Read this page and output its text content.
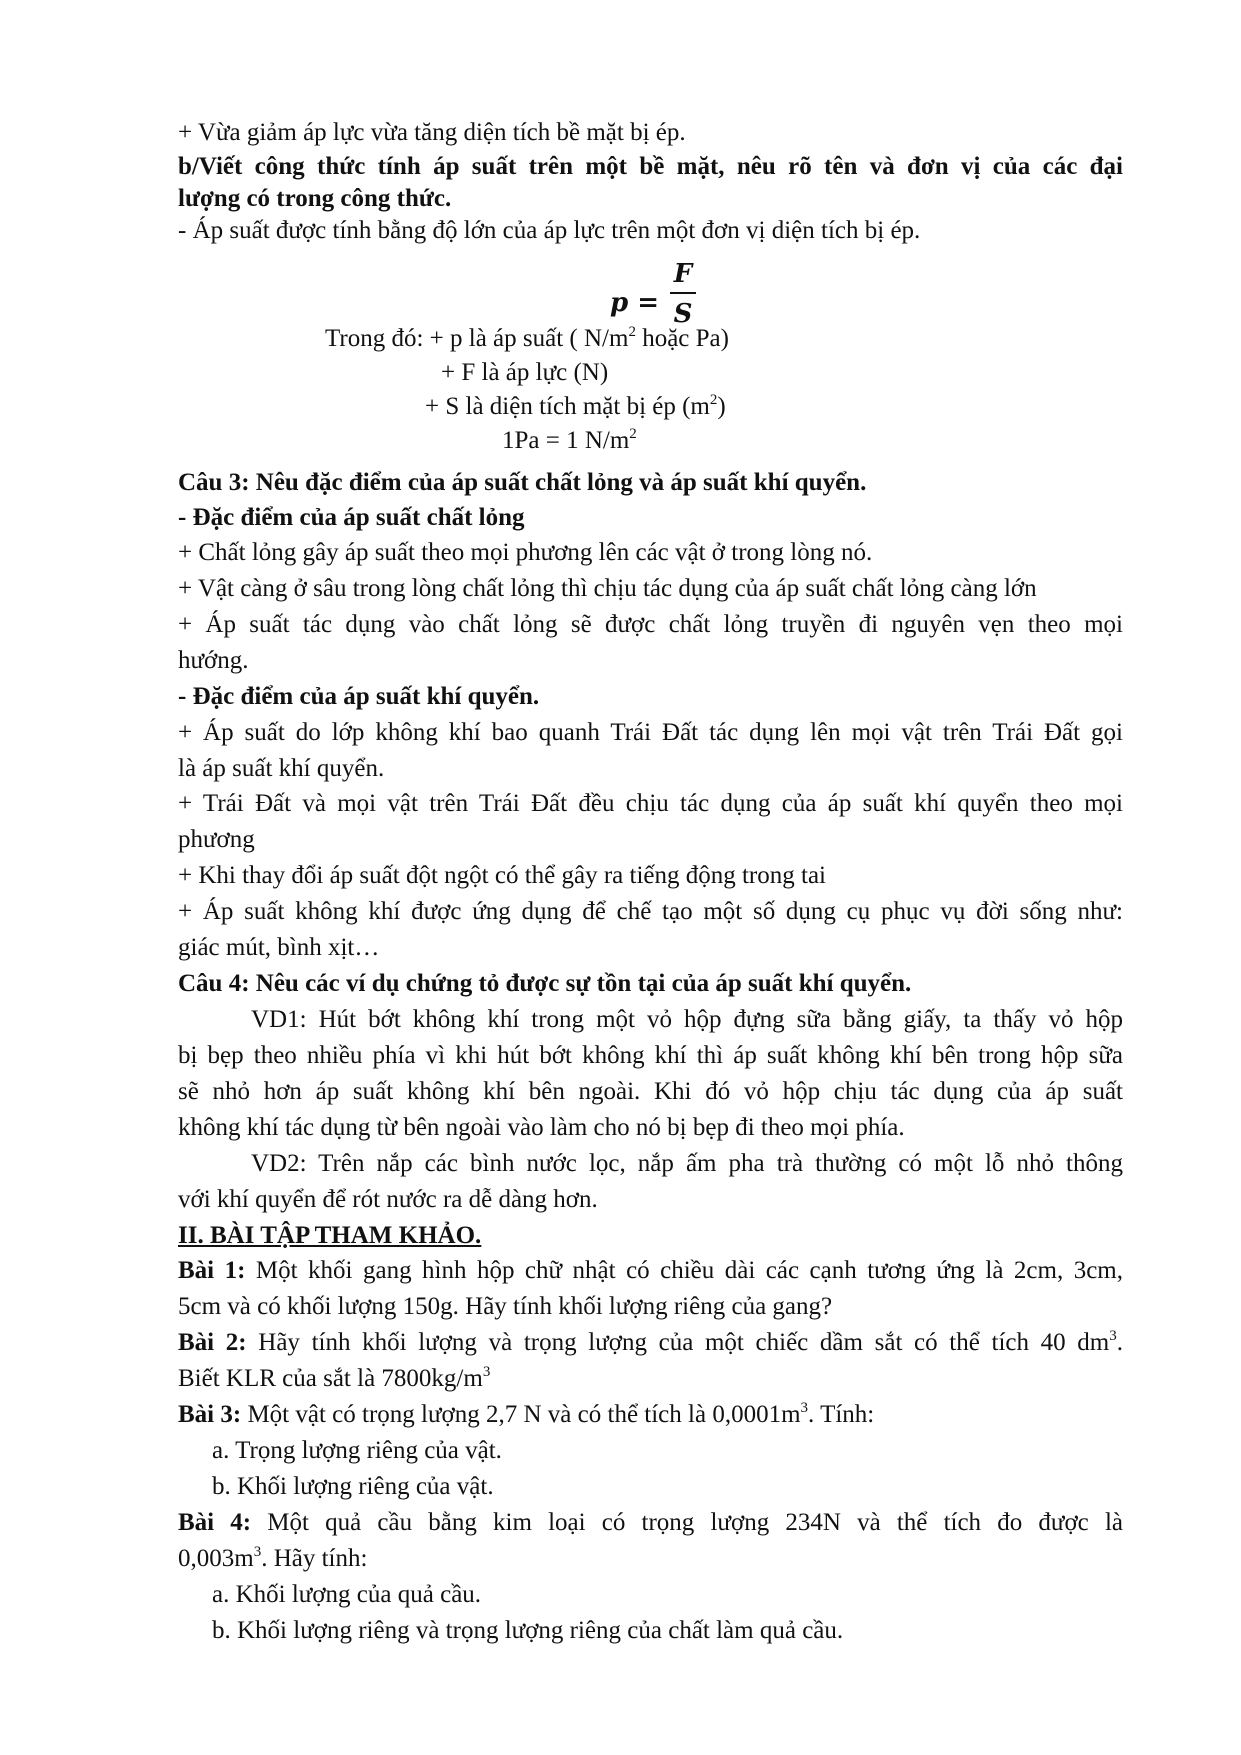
+ Vừa giảm áp lực vừa tăng diện tích bề mặt bị ép.
b/Viết công thức tính áp suất trên một bề mặt, nêu rõ tên và đơn vị của các đại
lượng có trong công thức.
- Áp suất được tính bằng độ lớn của áp lực trên một đơn vị diện tích bị ép.
p =
F
S
Trong đó: + p là áp suất ( $N/m^2$ hoặc Pa)
+ F là áp lực (N)
+ S là diện tích mặt bị ép $(m^2)$
1Pa = 1 $N/m^2$
Câu 3: Nêu đặc điểm của áp suất chất lỏng và áp suất khí quyển.
- Đặc điểm của áp suất chất lỏng
+ Chất lỏng gây áp suất theo mọi phương lên các vật ở trong lòng nó.
+ Vật càng ở sâu trong lòng chất lỏng thì chịu tác dụng của áp suất chất lỏng càng lớn
+ Áp suất tác dụng vào chất lỏng sẽ được chất lỏng truyền đi nguyên vẹn theo mọi
hướng.
- Đặc điểm của áp suất khí quyển.
+ Áp suất do lớp không khí bao quanh Trái Đất tác dụng lên mọi vật trên Trái Đất gọi
là áp suất khí quyển.
+ Trái Đất và mọi vật trên Trái Đất đều chịu tác dụng của áp suất khí quyển theo mọi
phương
+ Khi thay đổi áp suất đột ngột có thể gây ra tiếng động trong tai
+ Áp suất không khí được ứng dụng để chế tạo một số dụng cụ phục vụ đời sống như:
giác mút, bình xịt…
Câu 4: Nêu các ví dụ chứng tỏ được sự tồn tại của áp suất khí quyển.
VD1: Hút bớt không khí trong một vỏ hộp đựng sữa bằng giấy, ta thấy vỏ hộp
bị bẹp theo nhiều phía vì khi hút bớt không khí thì áp suất không khí bên trong hộp sữa
sẽ nhỏ hơn áp suất không khí bên ngoài. Khi đó vỏ hộp chịu tác dụng của áp suất
không khí tác dụng từ bên ngoài vào làm cho nó bị bẹp đi theo mọi phía.
VD2: Trên nắp các bình nước lọc, nắp ấm pha trà thường có một lỗ nhỏ thông
với khí quyển để rót nước ra dễ dàng hơn.
II. BÀI TẬP THAM KHẢO.
Bài 1: Một khối gang hình hộp chữ nhật có chiều dài các cạnh tương ứng là 2cm, 3cm,
5cm và có khối lượng 150g. Hãy tính khối lượng riêng của gang?
Bài 2: Hãy tính khối lượng và trọng lượng của một chiếc dầm sắt có thể tích 40 $dm^3$.
Biết KLR của sắt là $7800kg/m^3$
Bài 3: Một vật có trọng lượng 2,7 N và có thể tích là $0,0001m^3$. Tính:
a. Trọng lượng riêng của vật.
b. Khối lượng riêng của vật.
Bài 4: Một quả cầu bằng kim loại có trọng lượng 234N và thể tích đo được là
$0,003m^3$. Hãy tính:
a. Khối lượng của quả cầu.
b. Khối lượng riêng và trọng lượng riêng của chất làm quả cầu.
